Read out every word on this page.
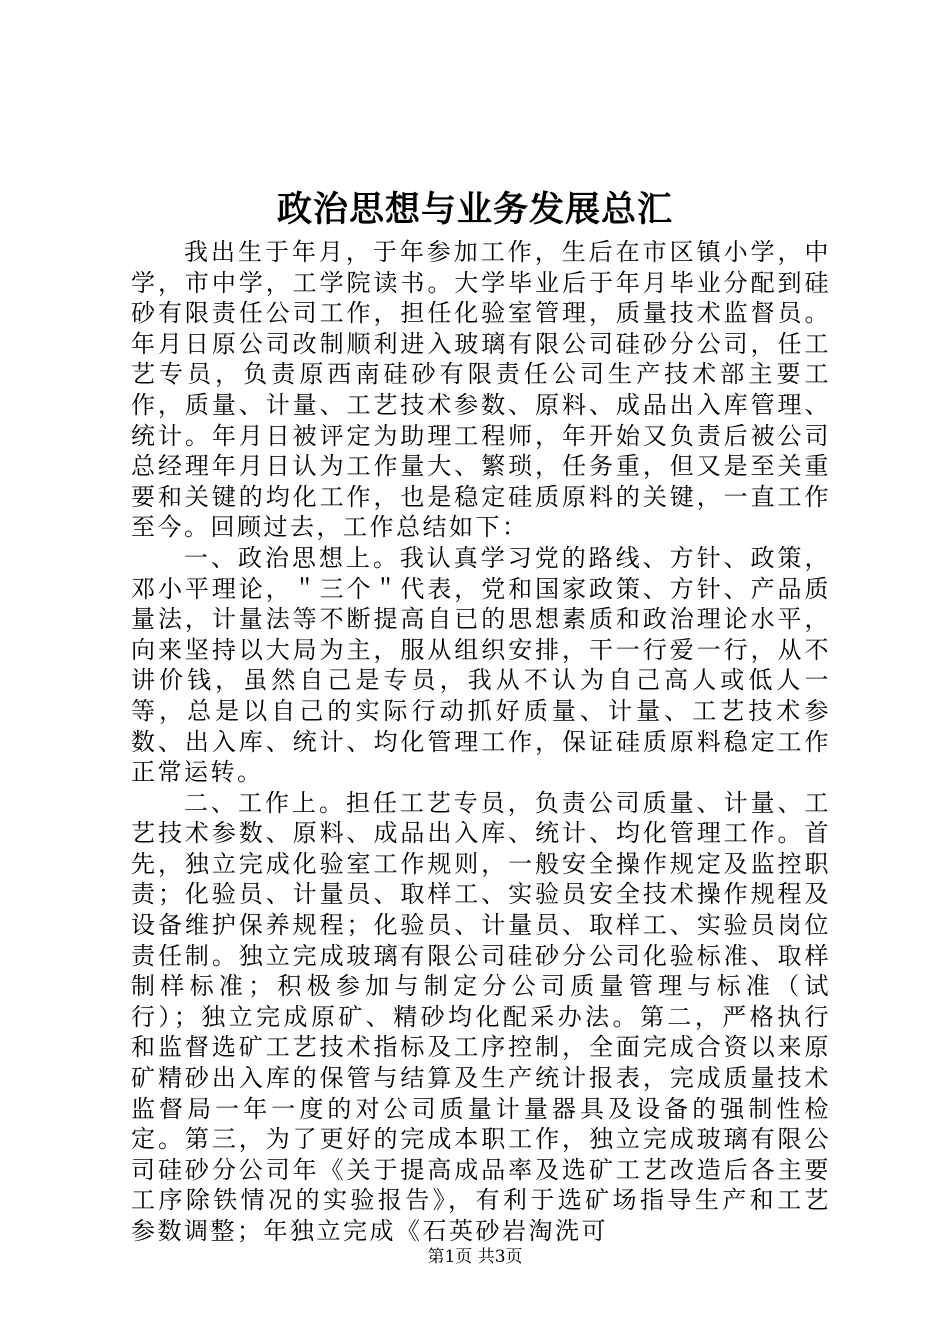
政治思想与业务发展总汇

我出生于年月，于年参加工作，生后在市区镇小学，中学，市中学，工学院读书。大学毕业后于年月毕业分配到硅砂有限责任公司工作，担任化验室管理，质量技术监督员。年月日原公司改制顺利进入玻璃有限公司硅砂分公司，任工艺专员，负责原西南硅砂有限责任公司生产技术部主要工作，质量、计量、工艺技术参数、原料、成品出入库管理、统计。年月日被评定为助理工程师，年开始又负责后被公司总经理年月日认为工作量大、繁琐，任务重，但又是至关重要和关键的均化工作，也是稳定硅质原料的关键，一直工作至今。回顾过去，工作总结如下：

一、政治思想上。我认真学习党的路线、方针、政策，邓小平理论，＂三个＂代表，党和国家政策、方针、产品质量法，计量法等不断提高自已的思想素质和政治理论水平，向来坚持以大局为主，服从组织安排，干一行爱一行，从不讲价钱，虽然自己是专员，我从不认为自己高人或低人一等，总是以自己的实际行动抓好质量、计量、工艺技术参数、出入库、统计、均化管理工作，保证硅质原料稳定工作正常运转。

二、工作上。担任工艺专员，负责公司质量、计量、工艺技术参数、原料、成品出入库、统计、均化管理工作。首先，独立完成化验室工作规则，一般安全操作规定及监控职责；化验员、计量员、取样工、实验员安全技术操作规程及设备维护保养规程；化验员、计量员、取样工、实验员岗位责任制。独立完成玻璃有限公司硅砂分公司化验标准、取样制样标准；积极参加与制定分公司质量管理与标准（试行）；独立完成原矿、精砂均化配采办法。第二，严格执行和监督选矿工艺技术指标及工序控制，全面完成合资以来原矿精砂出入库的保管与结算及生产统计报表，完成质量技术监督局一年一度的对公司质量计量器具及设备的强制性检定。第三，为了更好的完成本职工作，独立完成玻璃有限公司硅砂分公司年《关于提高成品率及选矿工艺改造后各主要工序除铁情况的实验报告》，有利于选矿场指导生产和工艺参数调整；年独立完成《石英砂岩淘洗可

第1页 共3页
